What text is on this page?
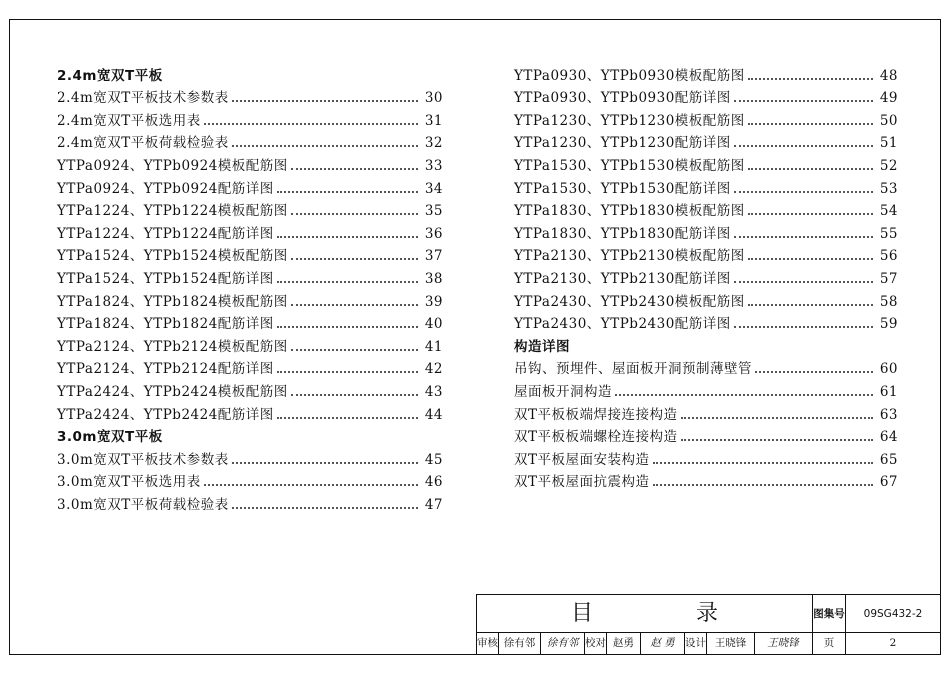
2.4m宽双T平板
2.4m宽双T平板技术参数表	30
2.4m宽双T平板选用表	31
2.4m宽双T平板荷载检验表	32
YTPa0924、YTPb0924模板配筋图	33
YTPa0924、YTPb0924配筋详图	34
YTPa1224、YTPb1224模板配筋图	35
YTPa1224、YTPb1224配筋详图	36
YTPa1524、YTPb1524模板配筋图	37
YTPa1524、YTPb1524配筋详图	38
YTPa1824、YTPb1824模板配筋图	39
YTPa1824、YTPb1824配筋详图	40
YTPa2124、YTPb2124模板配筋图	41
YTPa2124、YTPb2124配筋详图	42
YTPa2424、YTPb2424模板配筋图	43
YTPa2424、YTPb2424配筋详图	44
3.0m宽双T平板
3.0m宽双T平板技术参数表	45
3.0m宽双T平板选用表	46
3.0m宽双T平板荷载检验表	47
YTPa0930、YTPb0930模板配筋图	48
YTPa0930、YTPb0930配筋详图	49
YTPa1230、YTPb1230模板配筋图	50
YTPa1230、YTPb1230配筋详图	51
YTPa1530、YTPb1530模板配筋图	52
YTPa1530、YTPb1530配筋详图	53
YTPa1830、YTPb1830模板配筋图	54
YTPa1830、YTPb1830配筋详图	55
YTPa2130、YTPb2130模板配筋图	56
YTPa2130、YTPb2130配筋详图	57
YTPa2430、YTPb2430模板配筋图	58
YTPa2430、YTPb2430配筋详图	59
构造详图
吊钩、预埋件、屋面板开洞预制薄壁管	60
屋面板开洞构造	61
双T平板板端焊接连接构造	63
双T平板板端螺栓连接构造	64
双T平板屋面安装构造	65
双T平板屋面抗震构造	67
目 录	图集号	09SG432-2
页	2
审核 徐有邻	徐有邻 校对 赵勇	赵 勇 设计 王晓锋	王晓锋
